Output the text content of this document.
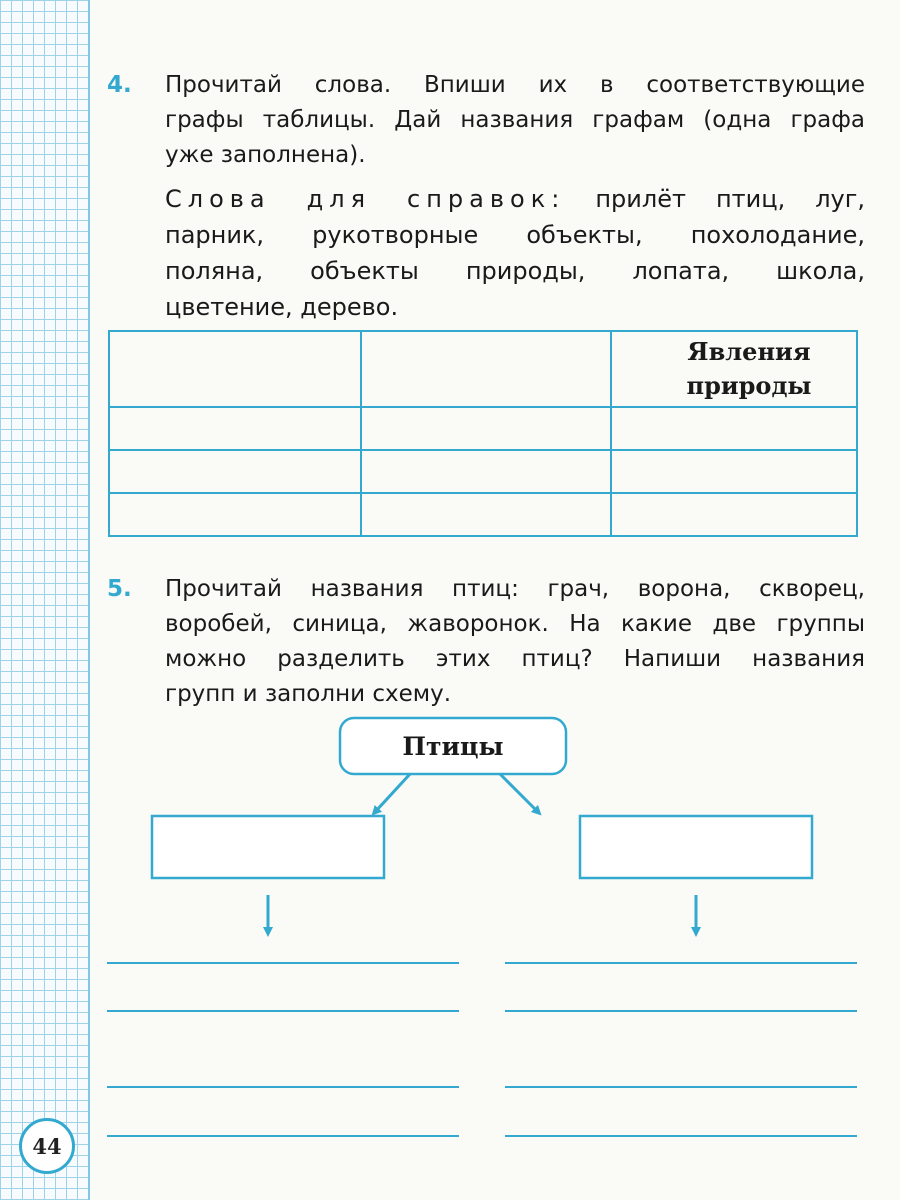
44
4. Прочитай слова. Впиши их в соответствующие
графы таблицы. Дай названия графам (одна графа
уже заполнена).
Слова для справок: прилёт птиц, луг,
парник, рукотворные объекты, похолодание,
поляна, объекты природы, лопата, школа,
цветение, дерево.
		Явления природы

5. Прочитай названия птиц: грач, ворона, скворец,
воробей, синица, жаворонок. На какие две группы
можно разделить этих птиц? Напиши названия
групп и заполни схему.
Птицы
